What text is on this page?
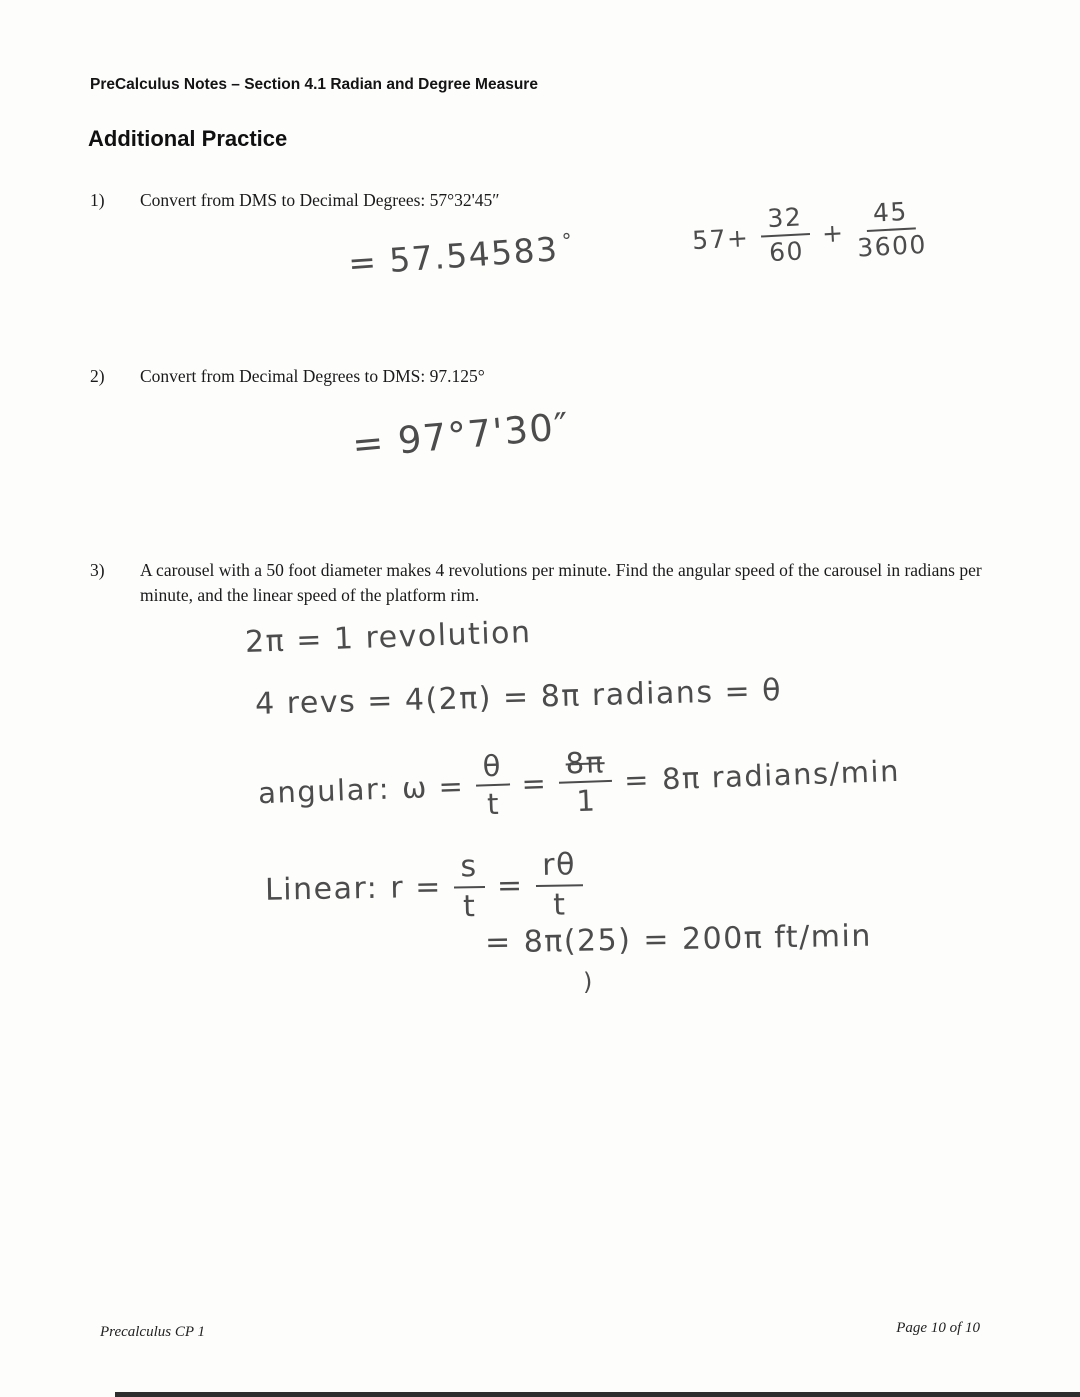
PreCalculus Notes – Section 4.1 Radian and Degree Measure
Additional Practice
1)	Convert from DMS to Decimal Degrees: 57°32'45″
= 57.54583°	$57+ \frac{32}{60} + \frac{45}{3600}$
2)	Convert from Decimal Degrees to DMS: 97.125°
= 97°7'30″
3)	A carousel with a 50 foot diameter makes 4 revolutions per minute. Find the angular speed of the carousel in radians per minute, and the linear speed of the platform rim.
2π = 1 revolution
4 revs = 4(2π) = 8π radians = θ
angular: $\omega = \frac{\theta}{t} = \frac{8\pi}{1} = 8\pi$ radians/min
Linear: $r = \frac{s}{t} = \frac{r\theta}{t}$
= 8π(25) = 200π ft/min
)
Precalculus CP 1	Page 10 of 10
